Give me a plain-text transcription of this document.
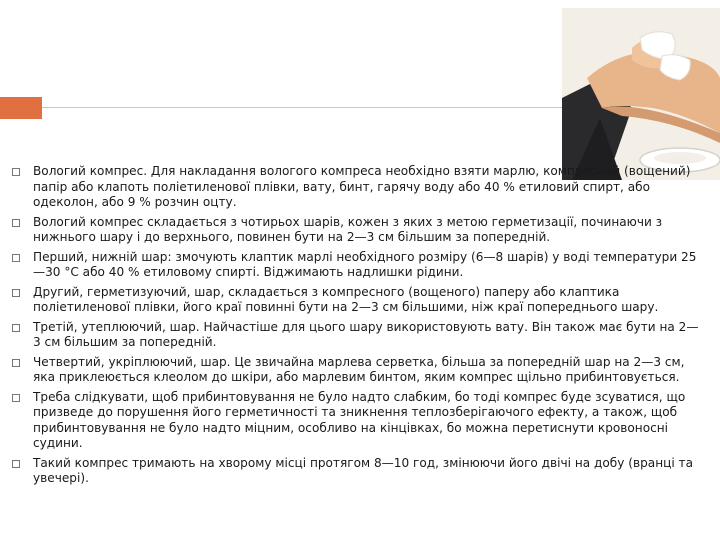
Вологий компрес. Для накладання вологого компреса необхідно взяти марлю, компресний (вощений) папір або клапоть поліетиленової плівки, вату, бинт, гарячу воду або 40 % етиловий спирт, або одеколон, або 9 % розчин оцту.
Вологий компрес складається з чотирьох шарів, кожен з яких з метою герметизації, починаючи з нижнього шару і до верхнього, повинен бути на 2—3 см більшим за попередній.
Перший, нижній шар: змочують клаптик марлі необхідного розміру (6—8 шарів) у воді температури 25—30 °С або 40 % етиловому спирті. Віджимають надлишки рідини.
Другий, герметизуючий, шар, складається з компресного (вощеного) паперу або клаптика поліетиленової плівки, його краї повинні бути на 2—3 см більшими, ніж краї попереднього шару.
Третій, утеплюючий, шар. Найчастіше для цього шару використовують вату. Він також має бути на 2—3 см більшим за попередній.
Четвертий, укріплюючий, шар. Це звичайна марлева серветка, більша за попередній шар на 2—3 см, яка приклеюється клеолом до шкіри, або марлевим бинтом, яким компрес щільно прибинтовується.
Треба слідкувати, щоб прибинтовування не було надто слабким, бо тоді компрес буде зсуватися, що призведе до порушення його герметичності та зникнення теплозберігаючого ефекту, а також, щоб прибинтовування не було надто міцним, особливо на кінцівках, бо можна перетиснути кровоносні судини.
Такий компрес тримають на хворому місці протягом 8—10 год, змінюючи його двічі на добу (вранці та увечері).
